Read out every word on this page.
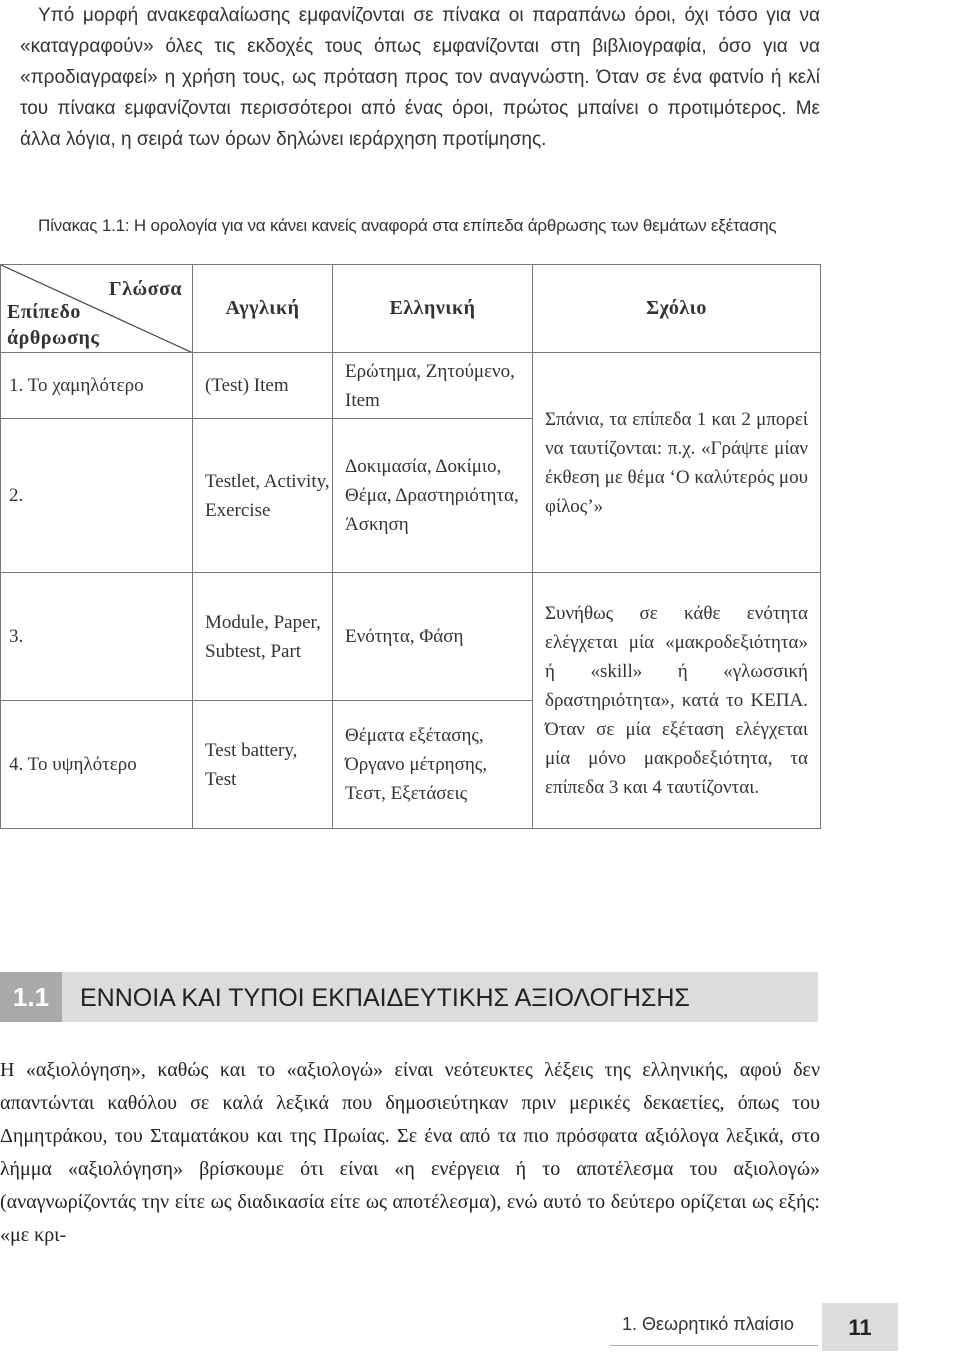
Υπό μορφή ανακεφαλαίωσης εμφανίζονται σε πίνακα οι παραπάνω όροι, όχι τόσο για να «καταγραφούν» όλες τις εκδοχές τους όπως εμφανίζονται στη βιβλιογραφία, όσο για να «προδιαγραφεί» η χρήση τους, ως πρόταση προς τον αναγνώστη. Όταν σε ένα φατνίο ή κελί του πίνακα εμφανίζονται περισσότεροι από ένας όροι, πρώτος μπαίνει ο προτιμότερος. Με άλλα λόγια, η σειρά των όρων δηλώνει ιεράρχηση προτίμησης.

Πίνακας 1.1: Η ορολογία για να κάνει κανείς αναφορά στα επίπεδα άρθρωσης των θεμάτων εξέτασης

Γλώσσα
Επίπεδο άρθρωσης	Αγγλική	Ελληνική	Σχόλιο
1. Το χαμηλότερο	(Test) Item	Ερώτημα, Ζητούμενο, Item	Σπάνια, τα επίπεδα 1 και 2 μπορεί να ταυτίζονται: π.χ. «Γράψτε μίαν έκθεση με θέμα ‘Ο καλύτερός μου φίλος’»
2.	Testlet, Activity, Exercise	Δοκιμασία, Δοκίμιο, Θέμα, Δραστηριότητα, Άσκηση	
3.	Module, Paper, Subtest, Part	Ενότητα, Φάση	Συνήθως σε κάθε ενότητα ελέγχεται μία «μακροδεξιότητα» ή «skill» ή «γλωσσική δραστηριότητα», κατά το ΚΕΠΑ. Όταν σε μία εξέταση ελέγχεται μία μόνο μακροδεξιότητα, τα επίπεδα 3 και 4 ταυτίζονται.
4. Το υψηλότερο	Test battery, Test	Θέματα εξέτασης, Όργανο μέτρησης, Τεστ, Εξετάσεις	
1.1	ΕΝΝΟΙΑ ΚΑΙ ΤΥΠΟΙ ΕΚΠΑΙΔΕΥΤΙΚΗΣ ΑΞΙΟΛΟΓΗΣΗΣ

Η «αξιολόγηση», καθώς και το «αξιολογώ» είναι νεότευκτες λέξεις της ελληνικής, αφού δεν απαντώνται καθόλου σε καλά λεξικά που δημοσιεύτηκαν πριν μερικές δεκαετίες, όπως του Δημητράκου, του Σταματάκου και της Πρωίας. Σε ένα από τα πιο πρόσφατα αξιόλογα λεξικά, στο λήμμα «αξιολόγηση» βρίσκουμε ότι είναι «η ενέργεια ή το αποτέλεσμα του αξιολογώ» (αναγνωρίζοντάς την είτε ως διαδικασία είτε ως αποτέλεσμα), ενώ αυτό το δεύτερο ορίζεται ως εξής: «με κρι-

1. Θεωρητικό πλαίσιο	11
